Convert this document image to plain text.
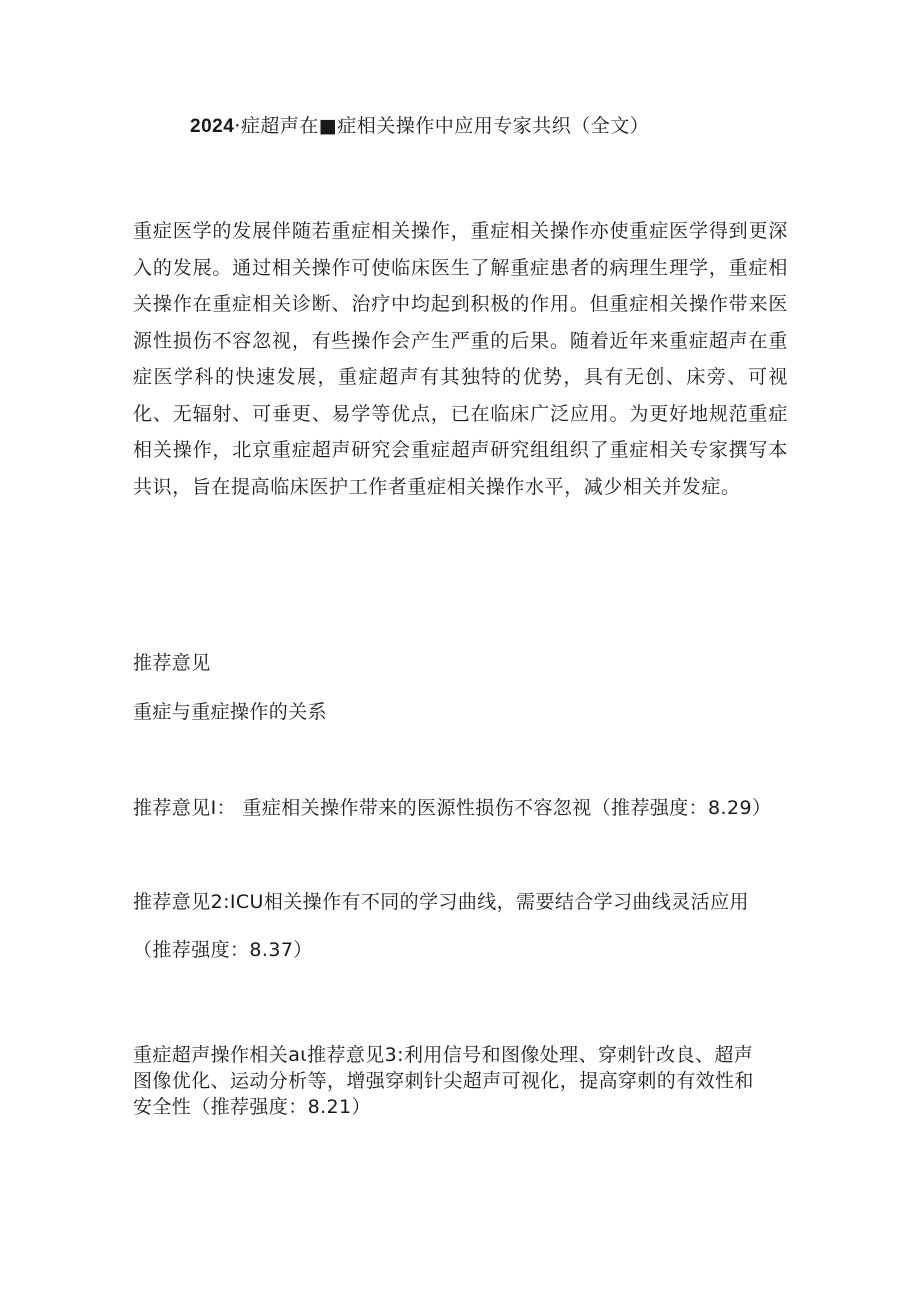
2024·症超声在■症相关操作中应用专家共织（全文）

重症医学的发展伴随若重症相关操作，重症相关操作亦使重症医学得到更深入的发展。通过相关操作可使临床医生了解重症患者的病理生理学，重症相关操作在重症相关诊断、治疗中均起到积极的作用。但重症相关操作带来医源性损伤不容忽视，有些操作会产生严重的后果。随着近年来重症超声在重症医学科的快速发展，重症超声有其独特的优势，具有无创、床旁、可视化、无辐射、可垂更、易学等优点，已在临床广泛应用。为更好地规范重症相关操作，北京重症超声研究会重症超声研究组组织了重症相关专家撰写本共识，旨在提高临床医护工作者重症相关操作水平，减少相关并发症。

推荐意见
重症与重症操作的关系
推荐意见Ⅰ： 重症相关操作带来的医源性损伤不容忽视（推荐强度：8.29）
推荐意见2:ICU相关操作有不同的学习曲线，需要结合学习曲线灵活应用
（推荐强度：8.37）

重症超声操作相关aι推荐意见3:利用信号和图像处理、穿刺针改良、超声

图像优化、运动分析等，增强穿刺针尖超声可视化，提高穿刺的有效性和

安全性（推荐强度：8.21）
